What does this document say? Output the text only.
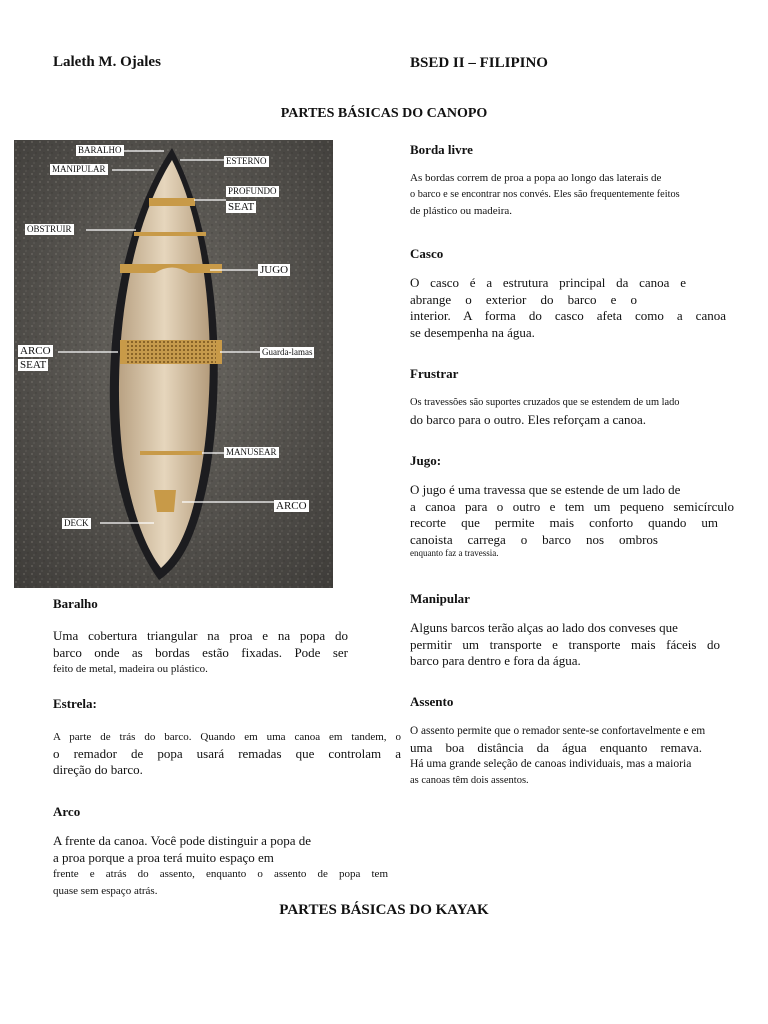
Laleth M. Ojales	BSED II – FILIPINO
PARTES BÁSICAS DO CANOPO
BARALHO
MANIPULAR
ESTERNO
PROFUNDO
SEAT
OBSTRUIR
JUGO
ARCO
SEAT
Guarda-lamas
MANUSEAR
ARCO
DECK
Baralho
Uma cobertura triangular na proa e na popa do
barco onde as bordas estão fixadas. Pode ser
feito de metal, madeira ou plástico.
Estrela:
A parte de trás do barco. Quando em uma canoa em tandem, o
o remador de popa usará remadas que controlam a
direção do barco.
Arco
A frente da canoa. Você pode distinguir a popa de
a proa porque a proa terá muito espaço em
frente e atrás do assento, enquanto o assento de popa tem
quase sem espaço atrás.
Borda livre
As bordas correm de proa a popa ao longo das laterais de
o barco e se encontrar nos convés. Eles são frequentemente feitos
de plástico ou madeira.
Casco
O casco é a estrutura principal da canoa e
abrange o exterior do barco e o
interior. A forma do casco afeta como a canoa
se desempenha na água.
Frustrar
Os travessões são suportes cruzados que se estendem de um lado
do barco para o outro. Eles reforçam a canoa.
Jugo:
O jugo é uma travessa que se estende de um lado de
a canoa para o outro e tem um pequeno semicírculo
recorte que permite mais conforto quando um
canoista carrega o barco nos ombros
enquanto faz a travessia.
Manipular
Alguns barcos terão alças ao lado dos conveses que
permitir um transporte e transporte mais fáceis do
barco para dentro e fora da água.
Assento
O assento permite que o remador sente-se confortavelmente e em
uma boa distância da água enquanto remava.
Há uma grande seleção de canoas individuais, mas a maioria
as canoas têm dois assentos.
PARTES BÁSICAS DO KAYAK
